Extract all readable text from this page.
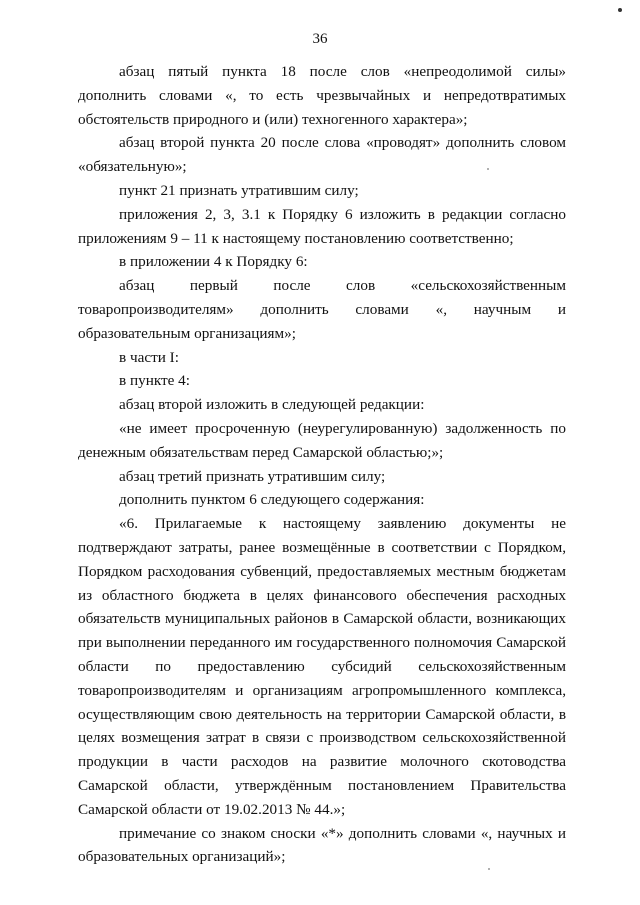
36

абзац пятый пункта 18 после слов «непреодолимой силы» дополнить словами «, то есть чрезвычайных и непредотвратимых обстоятельств природного и (или) техногенного характера»;

абзац второй пункта 20 после слова «проводят» дополнить словом «обязательную»;

пункт 21 признать утратившим силу;

приложения 2, 3, 3.1 к Порядку 6 изложить в редакции согласно приложениям 9 – 11 к настоящему постановлению соответственно;

в приложении 4 к Порядку 6:

абзац первый после слов «сельскохозяйственным товаропроизводителям» дополнить словами «, научным и образовательным организациям»;

в части I:

в пункте 4:

абзац второй изложить в следующей редакции:

«не имеет просроченную (неурегулированную) задолженность по денежным обязательствам перед Самарской областью;»;

абзац третий признать утратившим силу;

дополнить пунктом 6 следующего содержания:

«6. Прилагаемые к настоящему заявлению документы не подтверждают затраты, ранее возмещённые в соответствии с Порядком, Порядком расходования субвенций, предоставляемых местным бюджетам из областного бюджета в целях финансового обеспечения расходных обязательств муниципальных районов в Самарской области, возникающих при выполнении переданного им государственного полномочия Самарской области по предоставлению субсидий сельскохозяйственным товаропроизводителям и организациям агропромышленного комплекса, осуществляющим свою деятельность на территории Самарской области, в целях возмещения затрат в связи с производством сельскохозяйственной продукции в части расходов на развитие молочного скотоводства Самарской области, утверждённым постановлением Правительства Самарской области от 19.02.2013 № 44.»;

примечание со знаком сноски «*» дополнить словами «, научных и образовательных организаций»;
